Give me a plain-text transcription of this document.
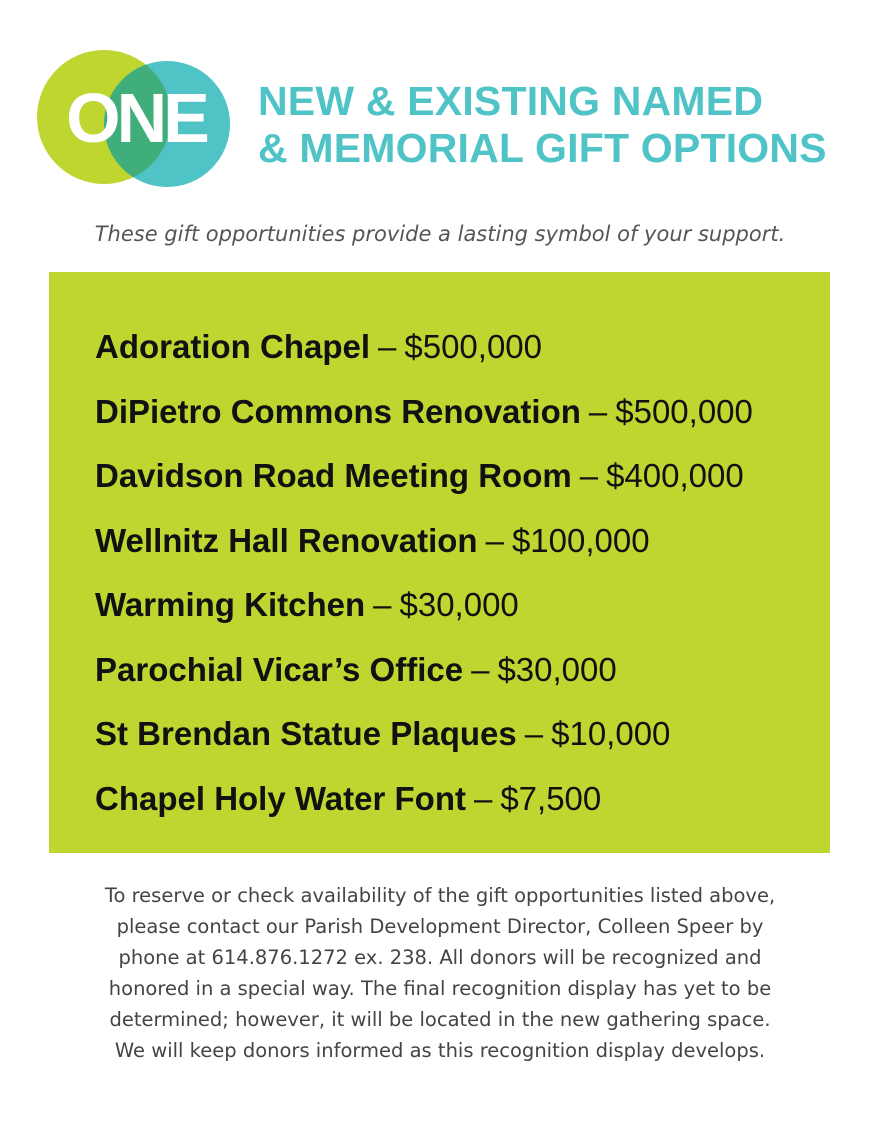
ONE NEW & EXISTING NAMED
& MEMORIAL GIFT OPTIONS

These gift opportunities provide a lasting symbol of your support.

Adoration Chapel – $500,000
DiPietro Commons Renovation – $500,000
Davidson Road Meeting Room – $400,000
Wellnitz Hall Renovation – $100,000
Warming Kitchen – $30,000
Parochial Vicar’s Office – $30,000
St Brendan Statue Plaques – $10,000
Chapel Holy Water Font – $7,500

To reserve or check availability of the gift opportunities listed above,
please contact our Parish Development Director, Colleen Speer by
phone at 614.876.1272 ex. 238. All donors will be recognized and
honored in a special way. The final recognition display has yet to be
determined; however, it will be located in the new gathering space.
We will keep donors informed as this recognition display develops.
